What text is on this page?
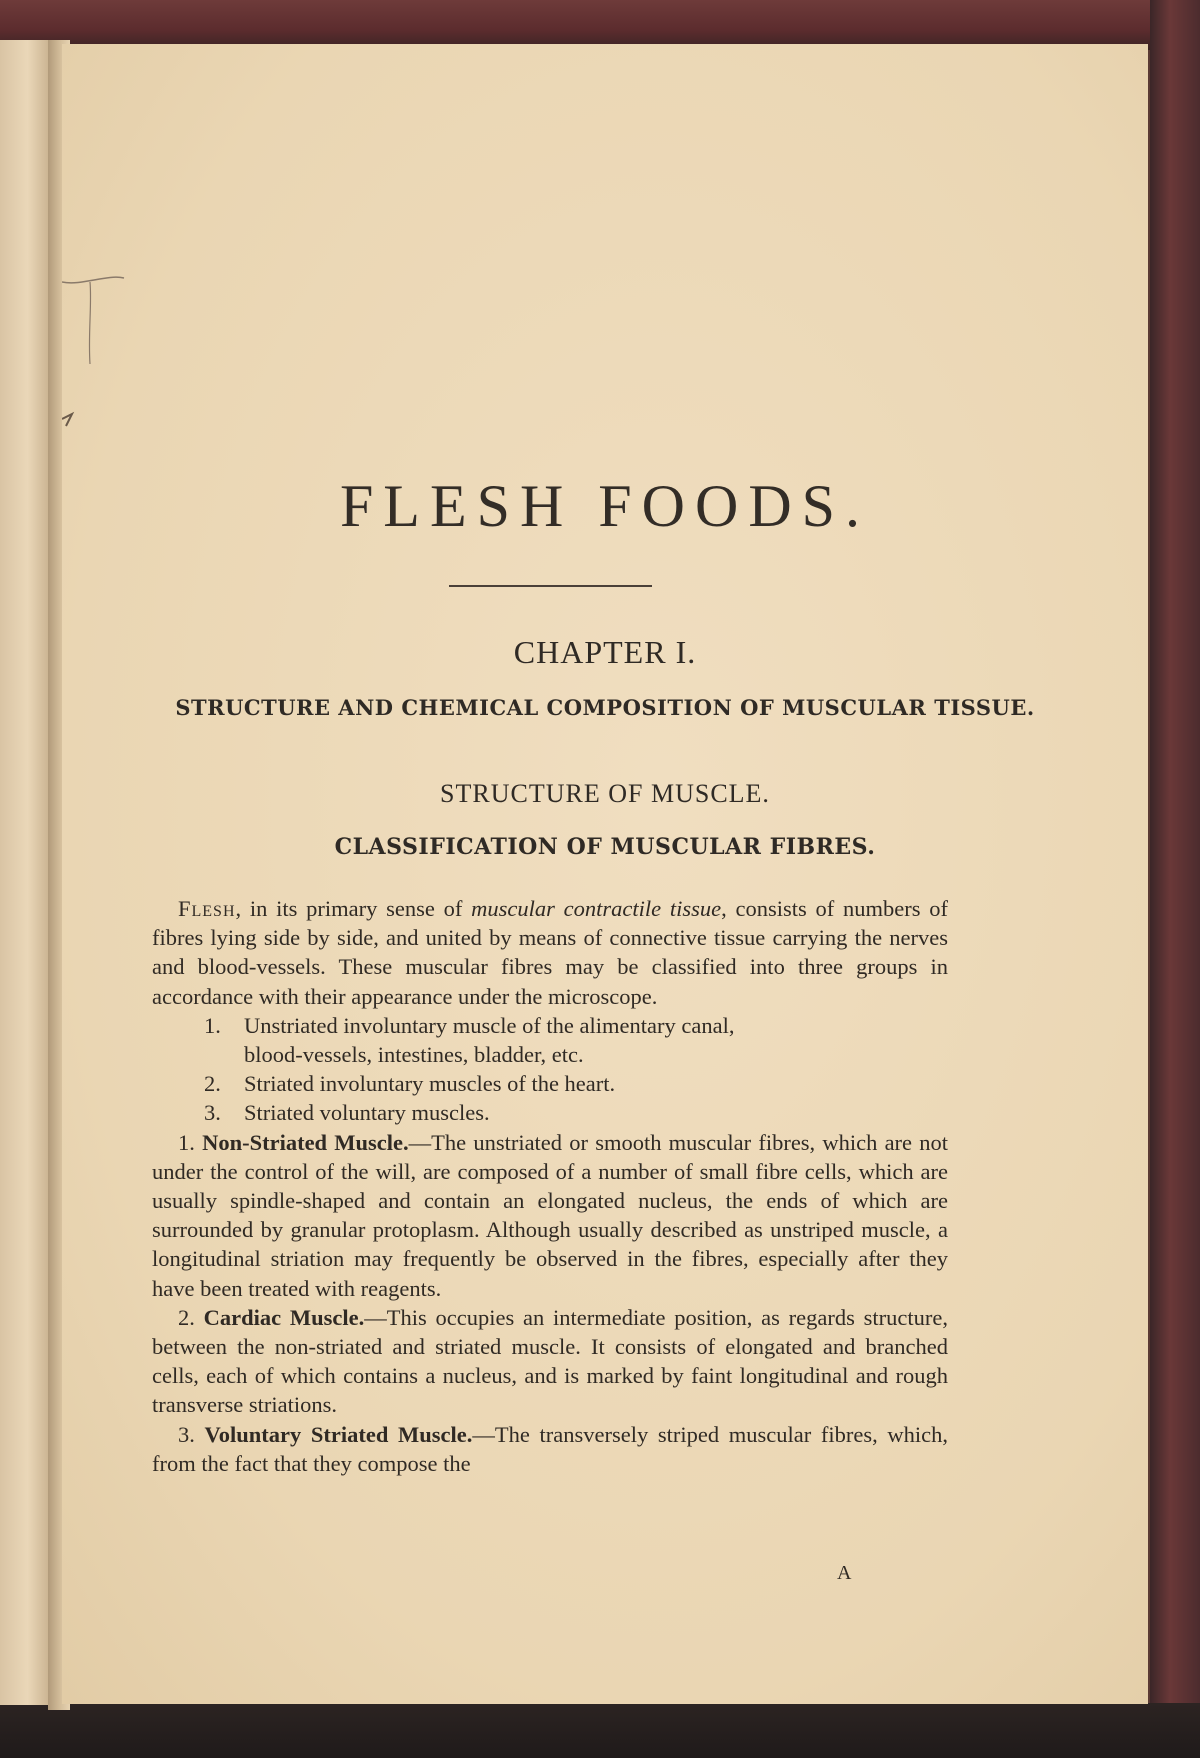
FLESH FOODS.
CHAPTER I.
STRUCTURE AND CHEMICAL COMPOSITION OF MUSCULAR TISSUE.
STRUCTURE OF MUSCLE.
CLASSIFICATION OF MUSCULAR FIBRES.

Flesh, in its primary sense of muscular contractile tissue, consists of numbers of fibres lying side by side, and united by means of connective tissue carrying the nerves and blood-vessels. These muscular fibres may be classified into three groups in accordance with their appearance under the microscope.

1. Unstriated involuntary muscle of the alimentary canal,

blood-vessels, intestines, bladder, etc.

2. Striated involuntary muscles of the heart.

3. Striated voluntary muscles.

1. Non-Striated Muscle.—The unstriated or smooth muscular fibres, which are not under the control of the will, are composed of a number of small fibre cells, which are usually spindle-shaped and contain an elongated nucleus, the ends of which are surrounded by granular protoplasm. Although usually described as unstriped muscle, a longitudinal striation may frequently be observed in the fibres, especially after they have been treated with reagents.

2. Cardiac Muscle.—This occupies an intermediate position, as regards structure, between the non-striated and striated muscle. It consists of elongated and branched cells, each of which contains a nucleus, and is marked by faint longitudinal and rough transverse striations.

3. Voluntary Striated Muscle.—The transversely striped muscular fibres, which, from the fact that they compose the

A
